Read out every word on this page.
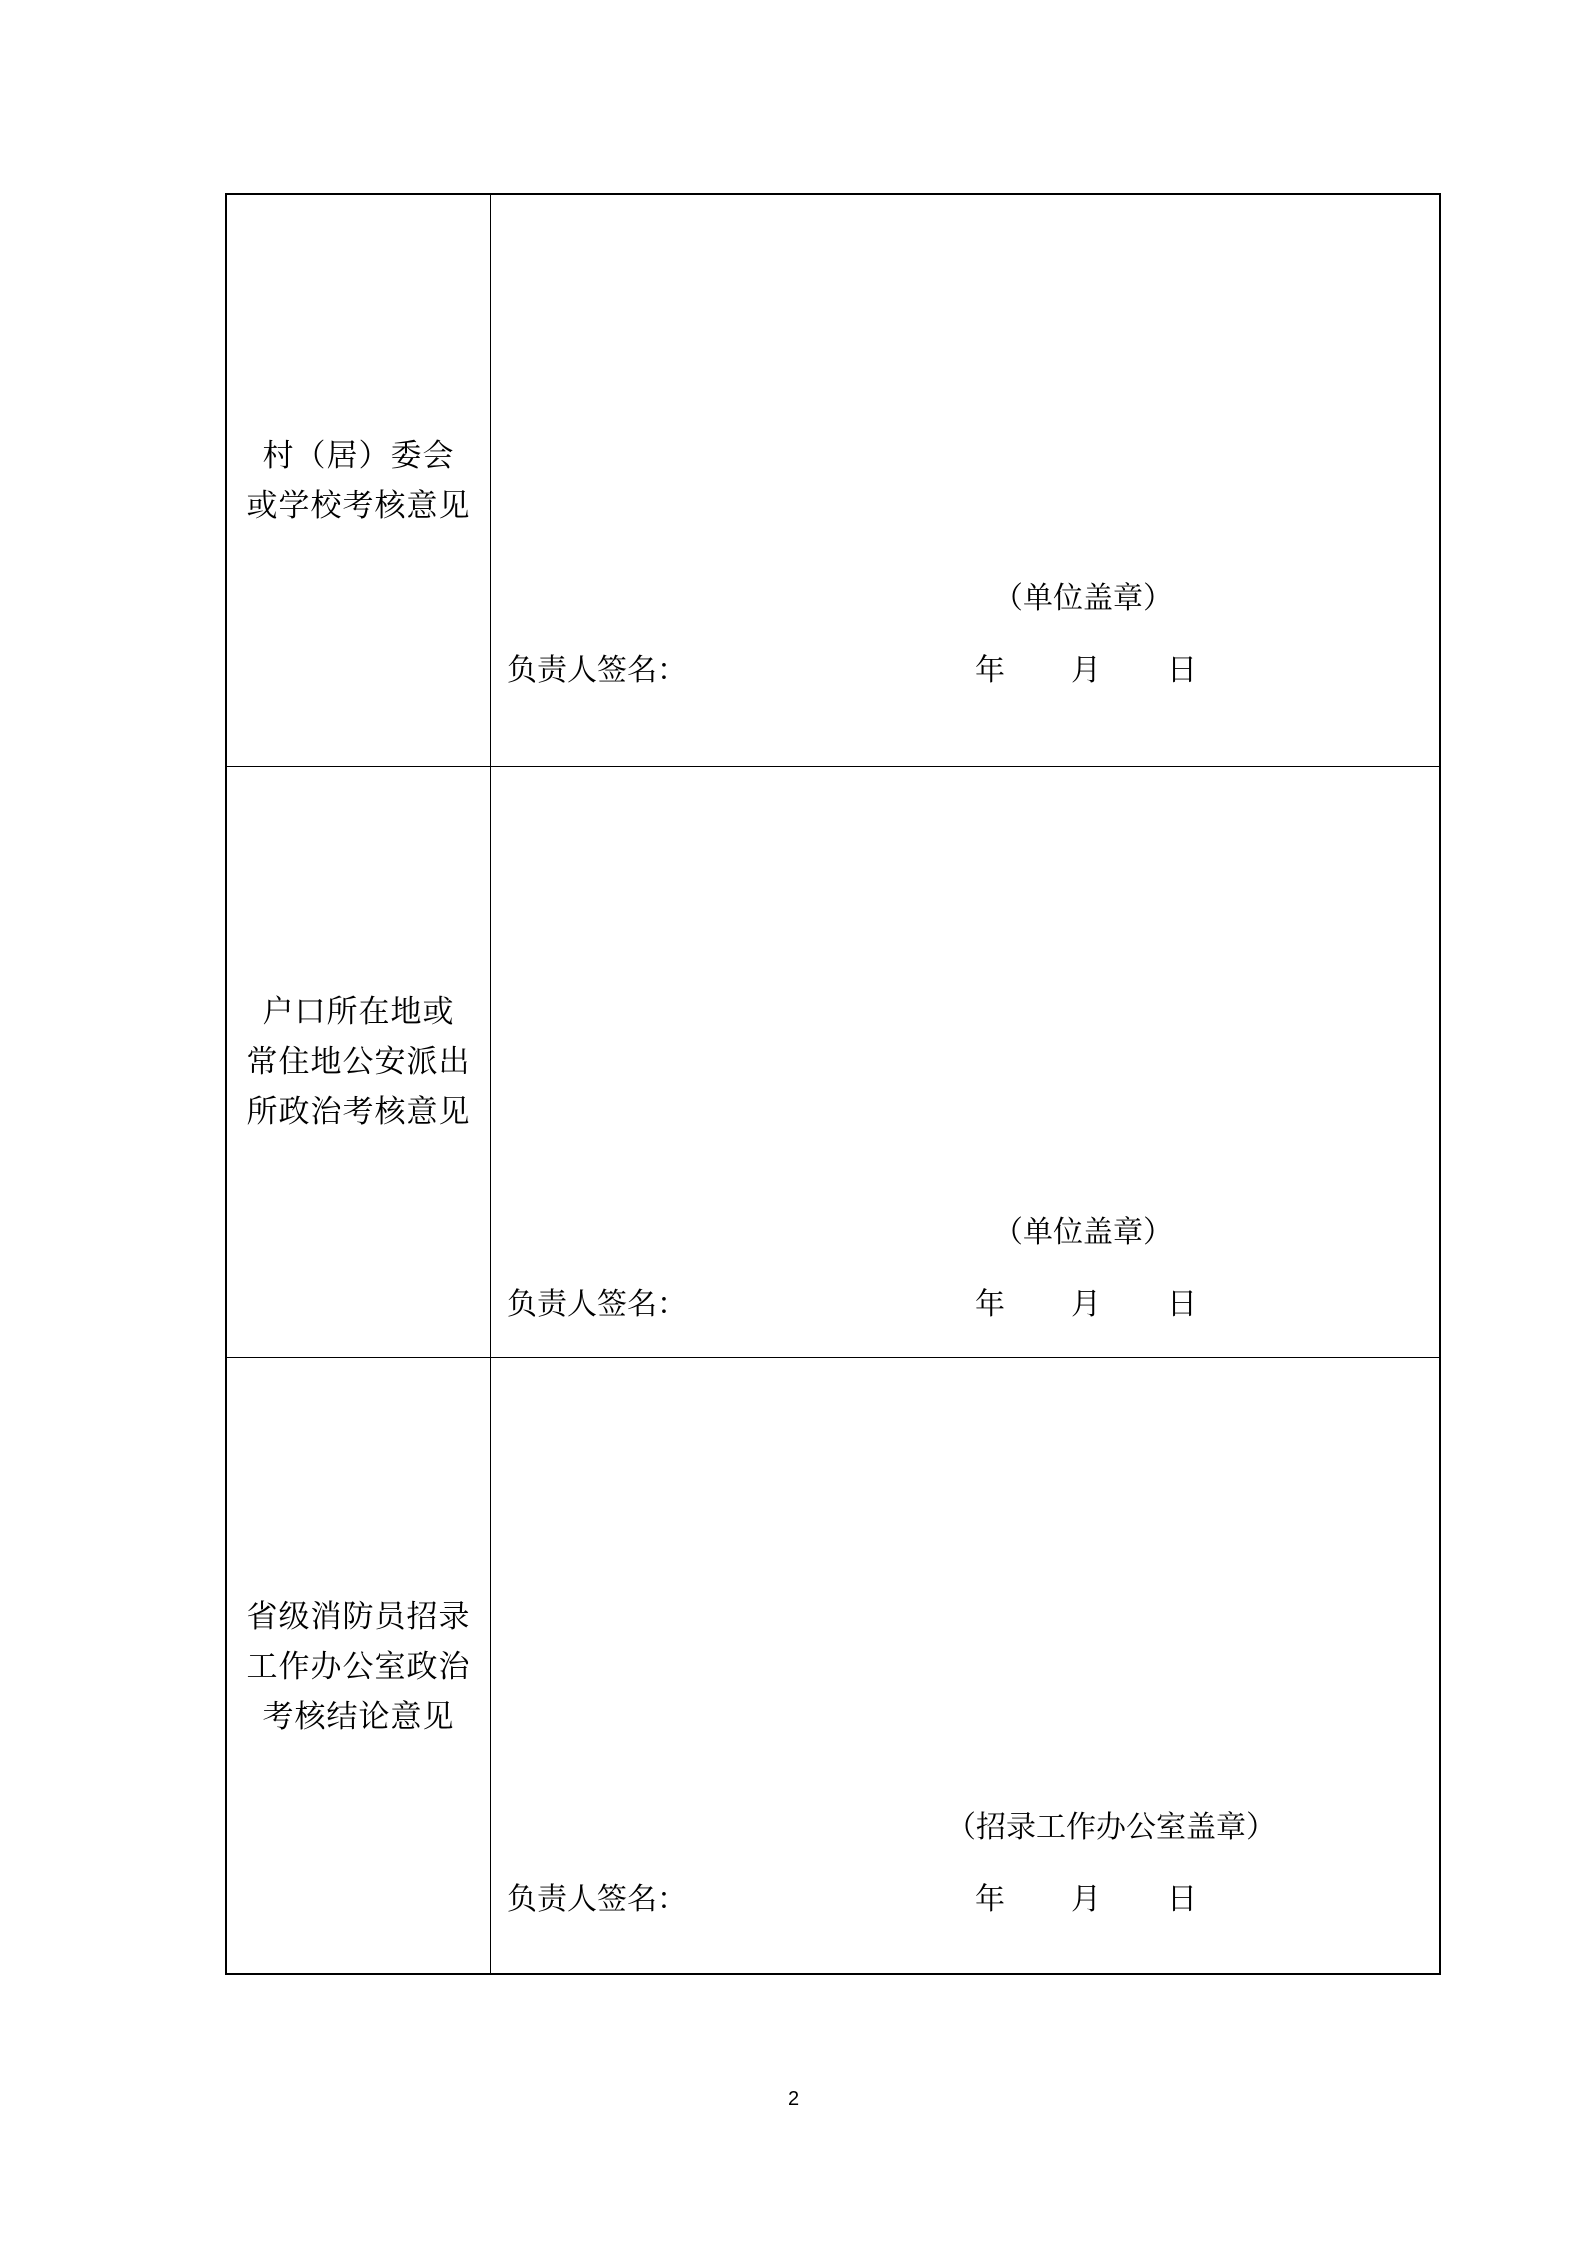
村（居）委会
或学校考核意见
（单位盖章）
负责人签名：	年 月 日
户口所在地或
常住地公安派出
所政治考核意见
（单位盖章）
负责人签名：	年 月 日
省级消防员招录
工作办公室政治
考核结论意见
（招录工作办公室盖章）
负责人签名：	年 月 日
2
